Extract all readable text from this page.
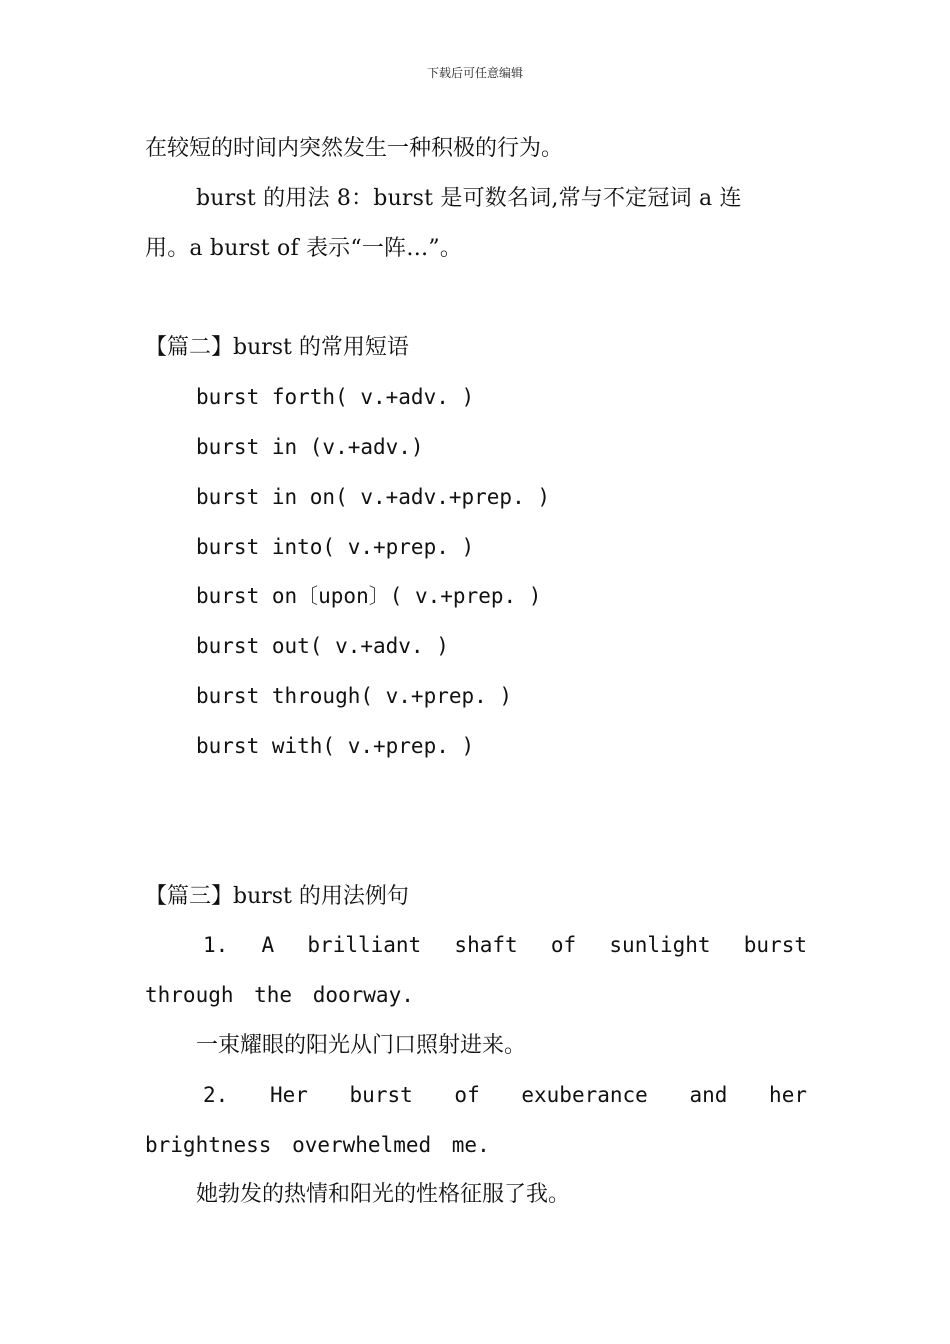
下载后可任意编辑

在较短的时间内突然发生一种积极的行为。

burst 的用法 8：burst 是可数名词,常与不定冠词 a 连
用。a burst of 表示“一阵…”。

【篇二】burst 的常用短语

burst forth( v.+adv. )

burst in (v.+adv.)

burst in on( v.+adv.+prep. )

burst into( v.+prep. )

burst on〔upon〕( v.+prep. )

burst out( v.+adv. )

burst through( v.+prep. )

burst with( v.+prep. )

【篇三】burst 的用法例句

1. A brilliant shaft of sunlight burst through the doorway.

一束耀眼的阳光从门口照射进来。

2. Her burst of exuberance and her brightness overwhelmed me.

她勃发的热情和阳光的性格征服了我。
